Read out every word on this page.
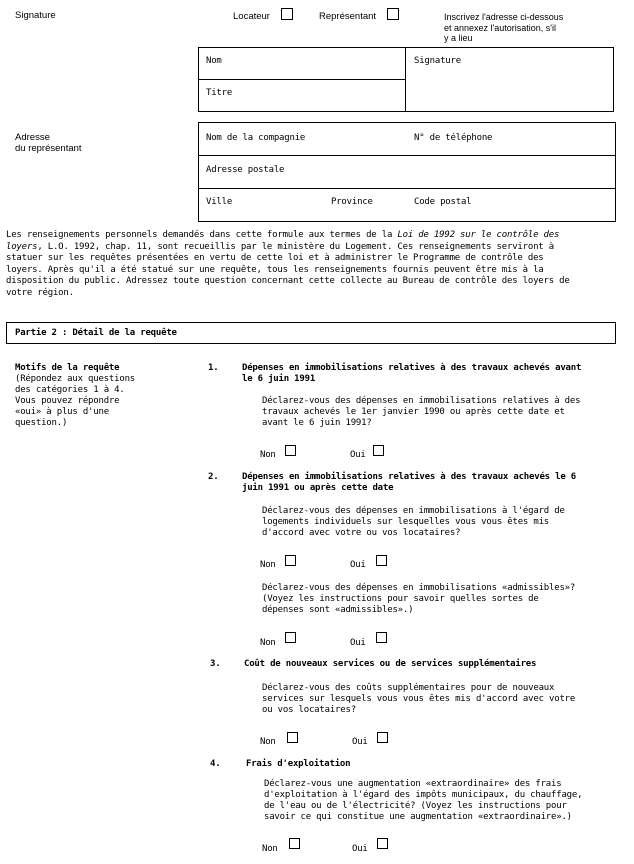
Signature	Locateur	Représentant	Inscrivez l'adresse ci-dessous
et annexez l'autorisation, s'il
y a lieu
Nom	Signature
Titre
Adresse
du représentant
Nom de la compagnie	N° de téléphone
Adresse postale
Ville	Province	Code postal
Les renseignements personnels demandés dans cette formule aux termes de la Loi de 1992 sur le contrôle des
loyers, L.O. 1992, chap. 11, sont recueillis par le ministère du Logement. Ces renseignements serviront à
statuer sur les requêtes présentées en vertu de cette loi et à administrer le Programme de contrôle des
loyers. Après qu'il a été statué sur une requête, tous les renseignements fournis peuvent être mis à la
disposition du public. Adressez toute question concernant cette collecte au Bureau de contrôle des loyers de
votre région.
Partie 2 : Détail de la requête
Motifs de la requête
(Répondez aux questions
des catégories 1 à 4.
Vous pouvez répondre
«oui» à plus d'une
question.)
1.	Dépenses en immobilisations relatives à des travaux achevés avant
le 6 juin 1991
Déclarez-vous des dépenses en immobilisations relatives à des
travaux achevés le 1er janvier 1990 ou après cette date et
avant le 6 juin 1991?
Non	Oui
2.	Dépenses en immobilisations relatives à des travaux achevés le 6
juin 1991 ou après cette date
Déclarez-vous des dépenses en immobilisations à l'égard de
logements individuels sur lesquelles vous vous êtes mis
d'accord avec votre ou vos locataires?
Non	Oui
Déclarez-vous des dépenses en immobilisations «admissibles»?
(Voyez les instructions pour savoir quelles sortes de
dépenses sont «admissibles».)
Non	Oui
3.	Coût de nouveaux services ou de services supplémentaires
Déclarez-vous des coûts supplémentaires pour de nouveaux
services sur lesquels vous vous êtes mis d'accord avec votre
ou vos locataires?
Non	Oui
4.	Frais d'exploitation
Déclarez-vous une augmentation «extraordinaire» des frais
d'exploitation à l'égard des impôts municipaux, du chauffage,
de l'eau ou de l'électricité? (Voyez les instructions pour
savoir ce qui constitue une augmentation «extraordinaire».)
Non	Oui
